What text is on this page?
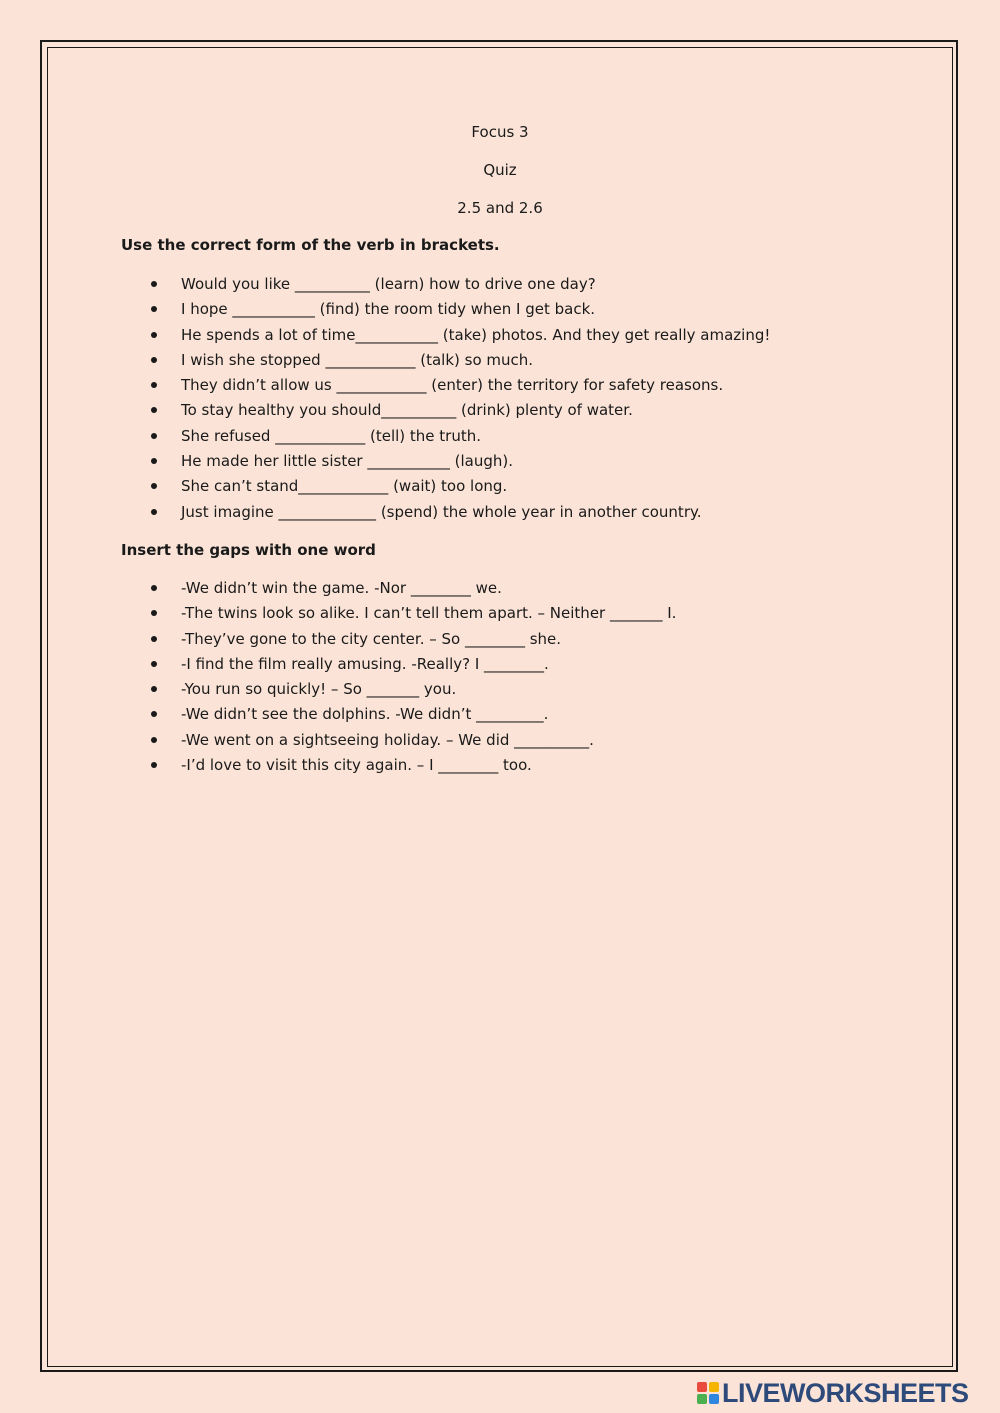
Focus 3
Quiz
2.5 and 2.6
Use the correct form of the verb in brackets.
Would you like __________ (learn) how to drive one day?
I hope ___________ (find) the room tidy when I get back.
He spends a lot of time___________ (take) photos. And they get really amazing!
I wish she stopped ____________ (talk) so much.
They didn’t allow us ____________ (enter) the territory for safety reasons.
To stay healthy you should__________ (drink) plenty of water.
She refused ____________ (tell) the truth.
He made her little sister ___________ (laugh).
She can’t stand____________ (wait) too long.
Just imagine _____________ (spend) the whole year in another country.
Insert the gaps with one word
-We didn’t win the game. -Nor ________ we.
-The twins look so alike. I can’t tell them apart. – Neither _______ I.
-They’ve gone to the city center. – So ________ she.
-I find the film really amusing. -Really? I ________.
-You run so quickly! – So _______ you.
-We didn’t see the dolphins. -We didn’t _________.
-We went on a sightseeing holiday. – We did __________.
-I’d love to visit this city again. – I ________ too.
LIVEWORKSHEETS
